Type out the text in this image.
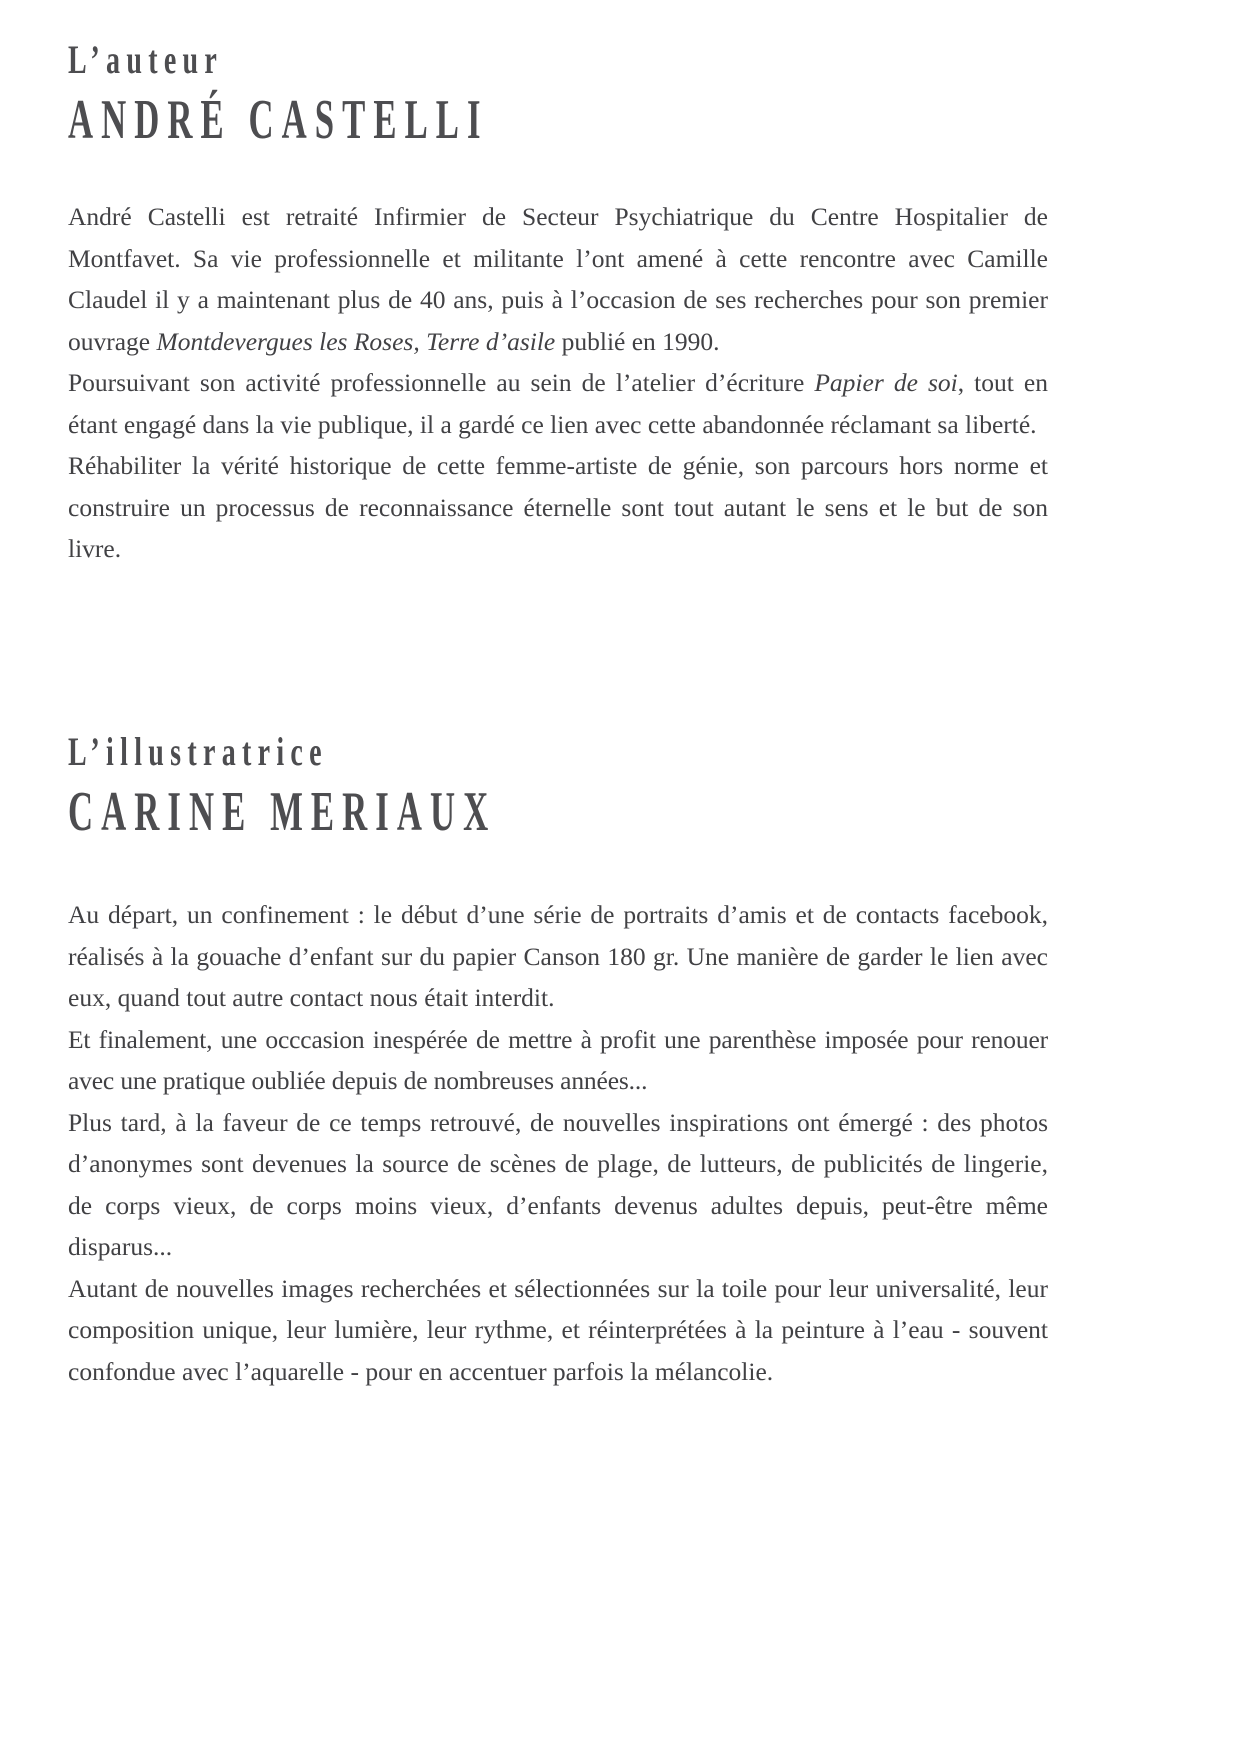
L’auteur
ANDRÉ CASTELLI

André Castelli est retraité Infirmier de Secteur Psychiatrique du Centre Hospitalier de Montfavet. Sa vie professionnelle et militante l’ont amené à cette rencontre avec Camille Claudel il y a maintenant plus de 40 ans, puis à l’occasion de ses recherches pour son premier ouvrage Montdevergues les Roses, Terre d’asile publié en 1990.

Poursuivant son activité professionnelle au sein de l’atelier d’écriture Papier de soi, tout en étant engagé dans la vie publique, il a gardé ce lien avec cette abandonnée réclamant sa liberté.

Réhabiliter la vérité historique de cette femme-artiste de génie, son parcours hors norme et construire un processus de reconnaissance éternelle sont tout autant le sens et le but de son livre.

L’illustratrice
CARINE MERIAUX

Au départ, un confinement : le début d’une série de portraits d’amis et de contacts facebook, réalisés à la gouache d’enfant sur du papier Canson 180 gr. Une manière de garder le lien avec eux, quand tout autre contact nous était interdit.

Et finalement, une occcasion inespérée de mettre à profit une parenthèse imposée pour renouer avec une pratique oubliée depuis de nombreuses années...

Plus tard, à la faveur de ce temps retrouvé, de nouvelles inspirations ont émergé : des photos d’anonymes sont devenues la source de scènes de plage, de lutteurs, de publicités de lingerie, de corps vieux, de corps moins vieux, d’enfants devenus adultes depuis, peut-être même disparus...

Autant de nouvelles images recherchées et sélectionnées sur la toile pour leur universalité, leur composition unique, leur lumière, leur rythme, et réinterprétées à la peinture à l’eau - souvent confondue avec l’aquarelle - pour en accentuer parfois la mélancolie.
